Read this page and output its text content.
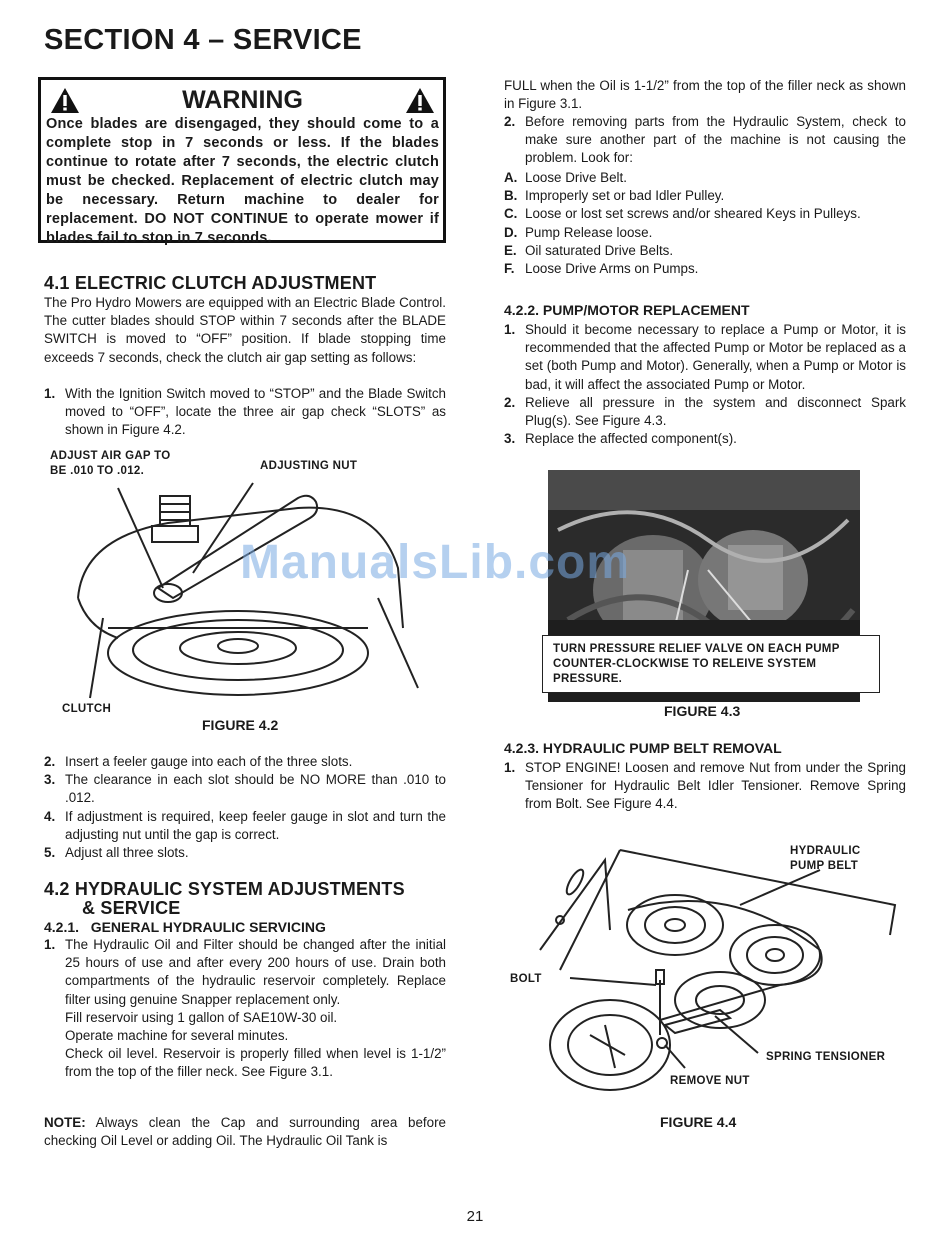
SECTION 4 – SERVICE
WARNING
Once blades are disengaged, they should come to a complete stop in 7 seconds or less. If the blades continue to rotate after 7 seconds, the electric clutch must be checked. Replacement of electric clutch may be necessary. Return machine to dealer for replacement. DO NOT CONTINUE to operate mower if blades fail to stop in 7 seconds.
4.1 ELECTRIC CLUTCH ADJUSTMENT
The Pro Hydro Mowers are equipped with an Electric Blade Control. The cutter blades should STOP within 7 seconds after the BLADE SWITCH is moved to “OFF” position. If blade stopping time exceeds 7 seconds, check the clutch air gap setting as follows:
1. With the Ignition Switch moved to “STOP” and the Blade Switch moved to “OFF”, locate the three air gap check “SLOTS” as shown in Figure 4.2.
ADJUST AIR GAP TO
BE .010 TO .012.	ADJUSTING NUT
CLUTCH
FIGURE 4.2
2. Insert a feeler gauge into each of the three slots.
3. The clearance in each slot should be NO MORE than .010 to .012.
4. If adjustment is required, keep feeler gauge in slot and turn the adjusting nut until the gap is correct.
5. Adjust all three slots.
4.2 HYDRAULIC SYSTEM ADJUSTMENTS
& SERVICE
4.2.1.   GENERAL HYDRAULIC SERVICING
1. The Hydraulic Oil and Filter should be changed after the initial 25 hours of use and after every 200 hours of use. Drain both compartments of the hydraulic reservoir completely. Replace filter using genuine Snapper replacement only.
Fill reservoir using 1 gallon of SAE10W-30 oil.
Operate machine for several minutes.
Check oil level. Reservoir is properly filled when level is 1-1/2” from the top of the filler neck. See Figure 3.1.
NOTE: Always clean the Cap and surrounding area before checking Oil Level or adding Oil. The Hydraulic Oil Tank is
FULL when the Oil is 1-1/2” from the top of the filler neck as shown in Figure 3.1.
2. Before removing parts from the Hydraulic System, check to make sure another part of the machine is not causing the problem. Look for:
A. Loose Drive Belt.
B. Improperly set or bad Idler Pulley.
C. Loose or lost set screws and/or sheared Keys in Pulleys.
D. Pump Release loose.
E. Oil saturated Drive Belts.
F. Loose Drive Arms on Pumps.
4.2.2. PUMP/MOTOR REPLACEMENT
1. Should it become necessary to replace a Pump or Motor, it is recommended that the affected Pump or Motor be replaced as a set (both Pump and Motor). Generally, when a Pump or Motor is bad, it will affect the associated Pump or Motor.
2. Relieve all pressure in the system and disconnect Spark Plug(s). See Figure 4.3.
3. Replace the affected component(s).
ManualsLib.com
TURN PRESSURE RELIEF VALVE ON EACH PUMP COUNTER-CLOCKWISE TO RELEIVE SYSTEM PRESSURE.
FIGURE 4.3
4.2.3. HYDRAULIC PUMP BELT REMOVAL
1. STOP ENGINE! Loosen and remove Nut from under the Spring Tensioner for Hydraulic Belt Idler Tensioner. Remove Spring from Bolt. See Figure 4.4.
HYDRAULIC
PUMP BELT
BOLT
SPRING TENSIONER
REMOVE NUT
FIGURE 4.4
21
